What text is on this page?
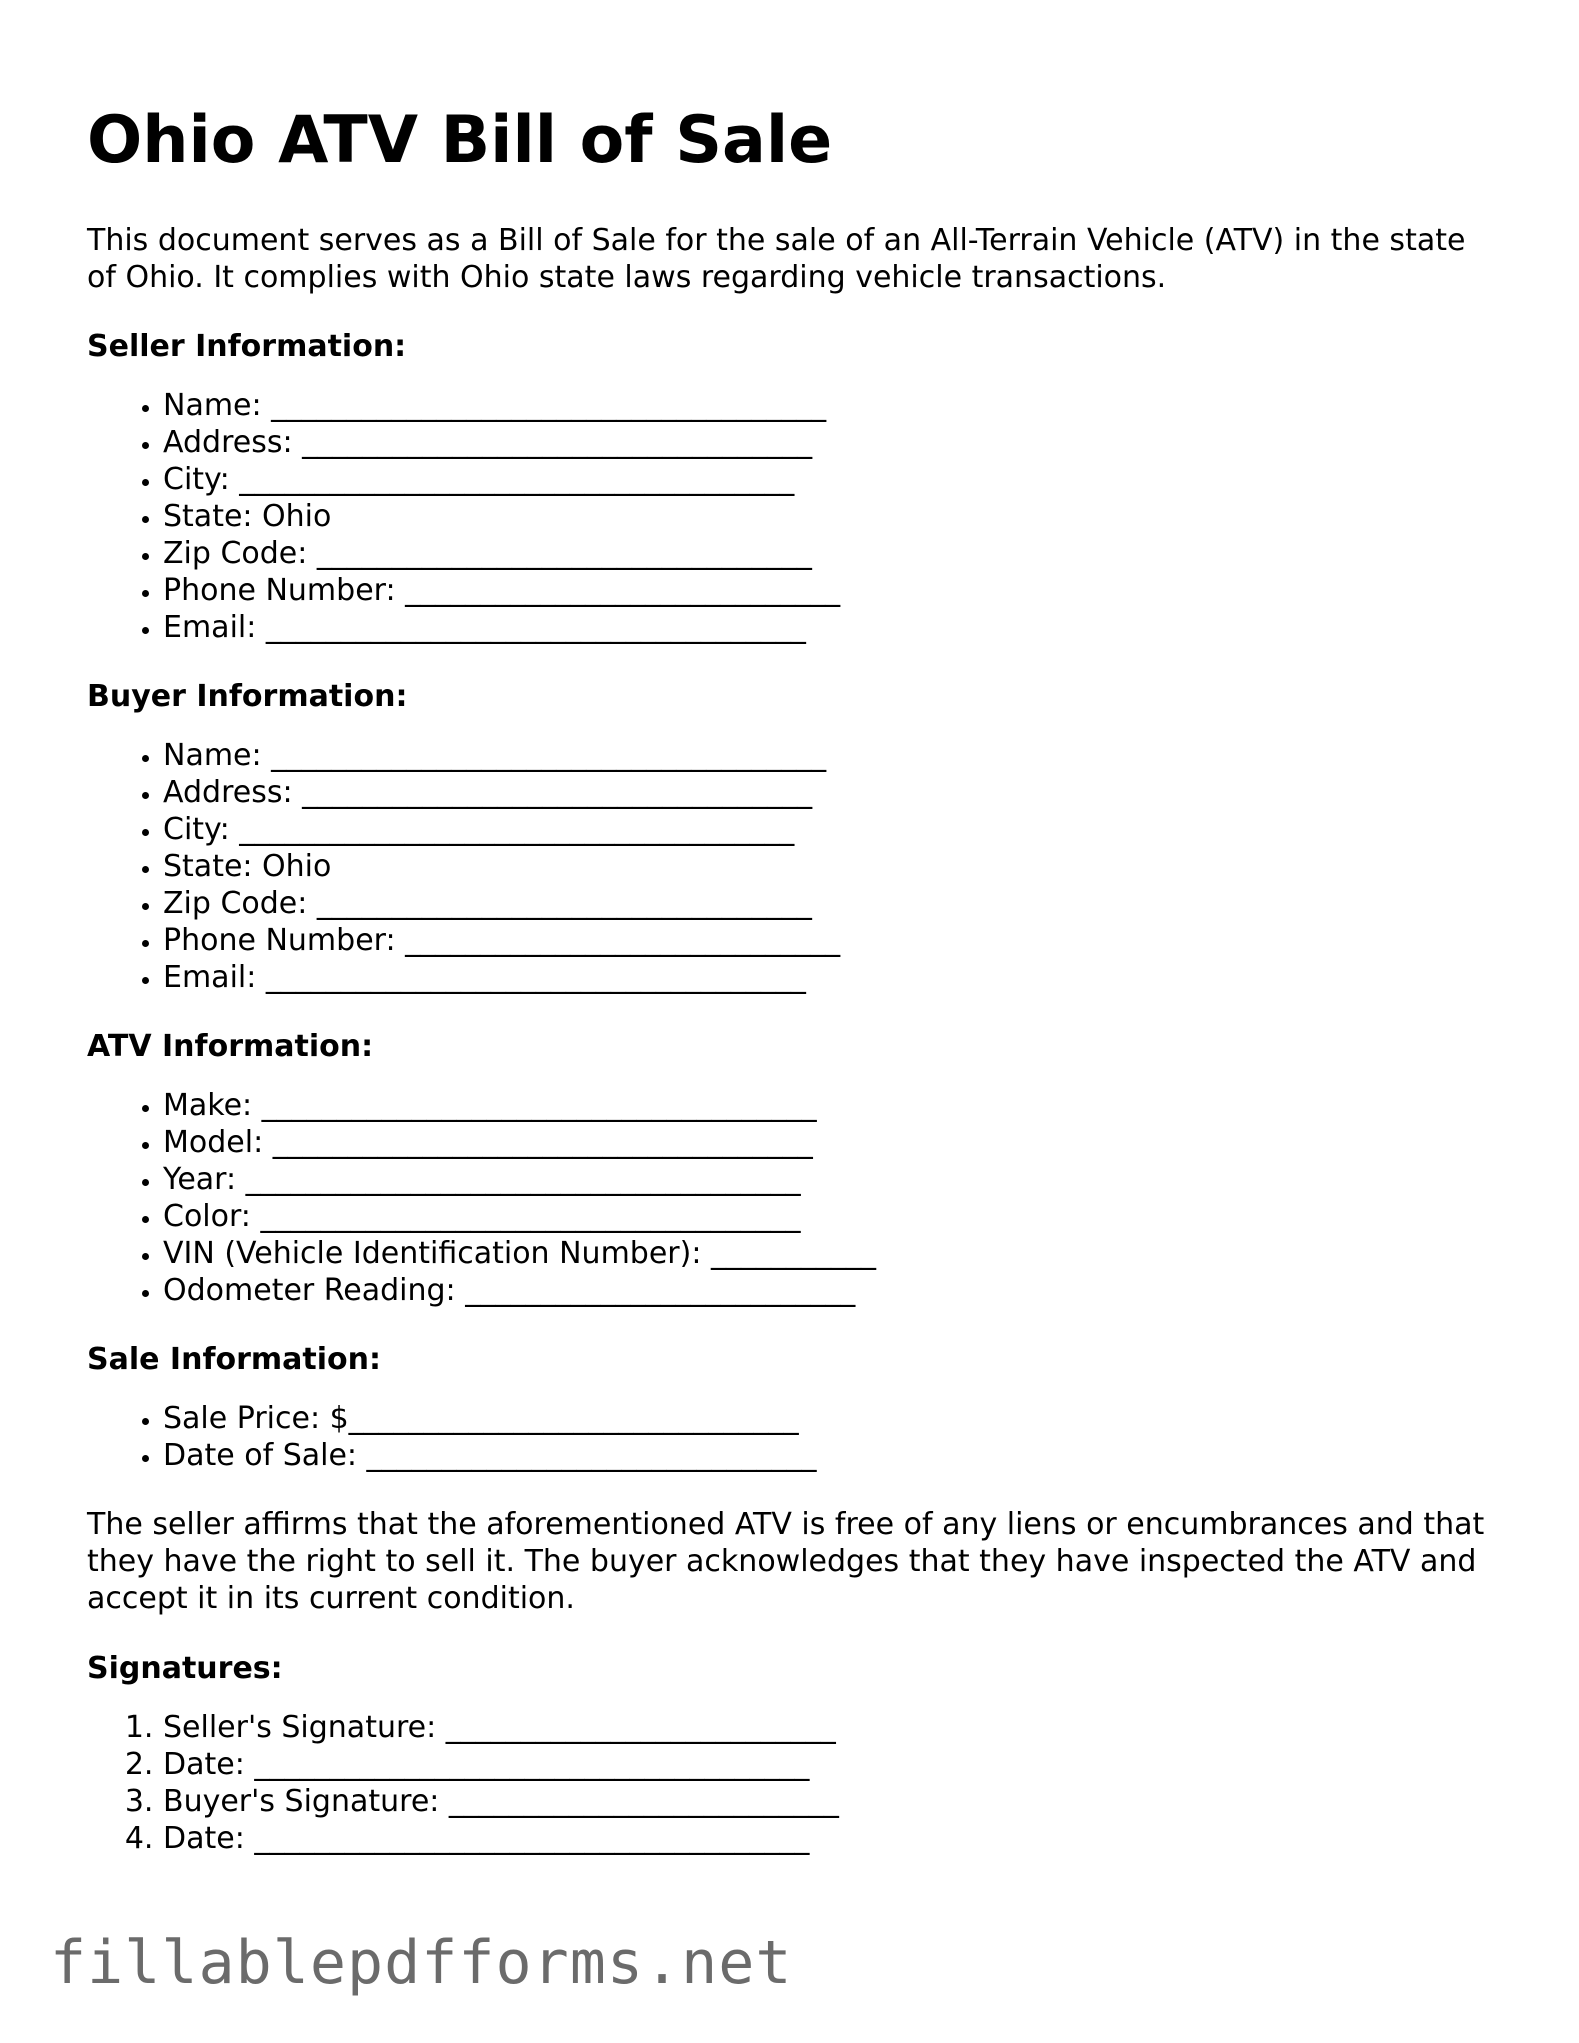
Ohio ATV Bill of Sale

This document serves as a Bill of Sale for the sale of an All-Terrain Vehicle (ATV) in the state of Ohio. It complies with Ohio state laws regarding vehicle transactions.

Seller Information:
• Name: _____________________________________
• Address: __________________________________
• City: _____________________________________
• State: Ohio
• Zip Code: _________________________________
• Phone Number: _____________________________
• Email: ____________________________________
Buyer Information:
• Name: _____________________________________
• Address: __________________________________
• City: _____________________________________
• State: Ohio
• Zip Code: _________________________________
• Phone Number: _____________________________
• Email: ____________________________________
ATV Information:
• Make: _____________________________________
• Model: ____________________________________
• Year: _____________________________________
• Color: ____________________________________
• VIN (Vehicle Identification Number): ___________
• Odometer Reading: __________________________
Sale Information:
• Sale Price: $______________________________
• Date of Sale: ______________________________

The seller affirms that the aforementioned ATV is free of any liens or encumbrances and that they have the right to sell it. The buyer acknowledges that they have inspected the ATV and accept it in its current condition.

Signatures:
1. Seller's Signature: __________________________
2. Date: _____________________________________
3. Buyer's Signature: __________________________
4. Date: _____________________________________
fillablepdfforms.net
